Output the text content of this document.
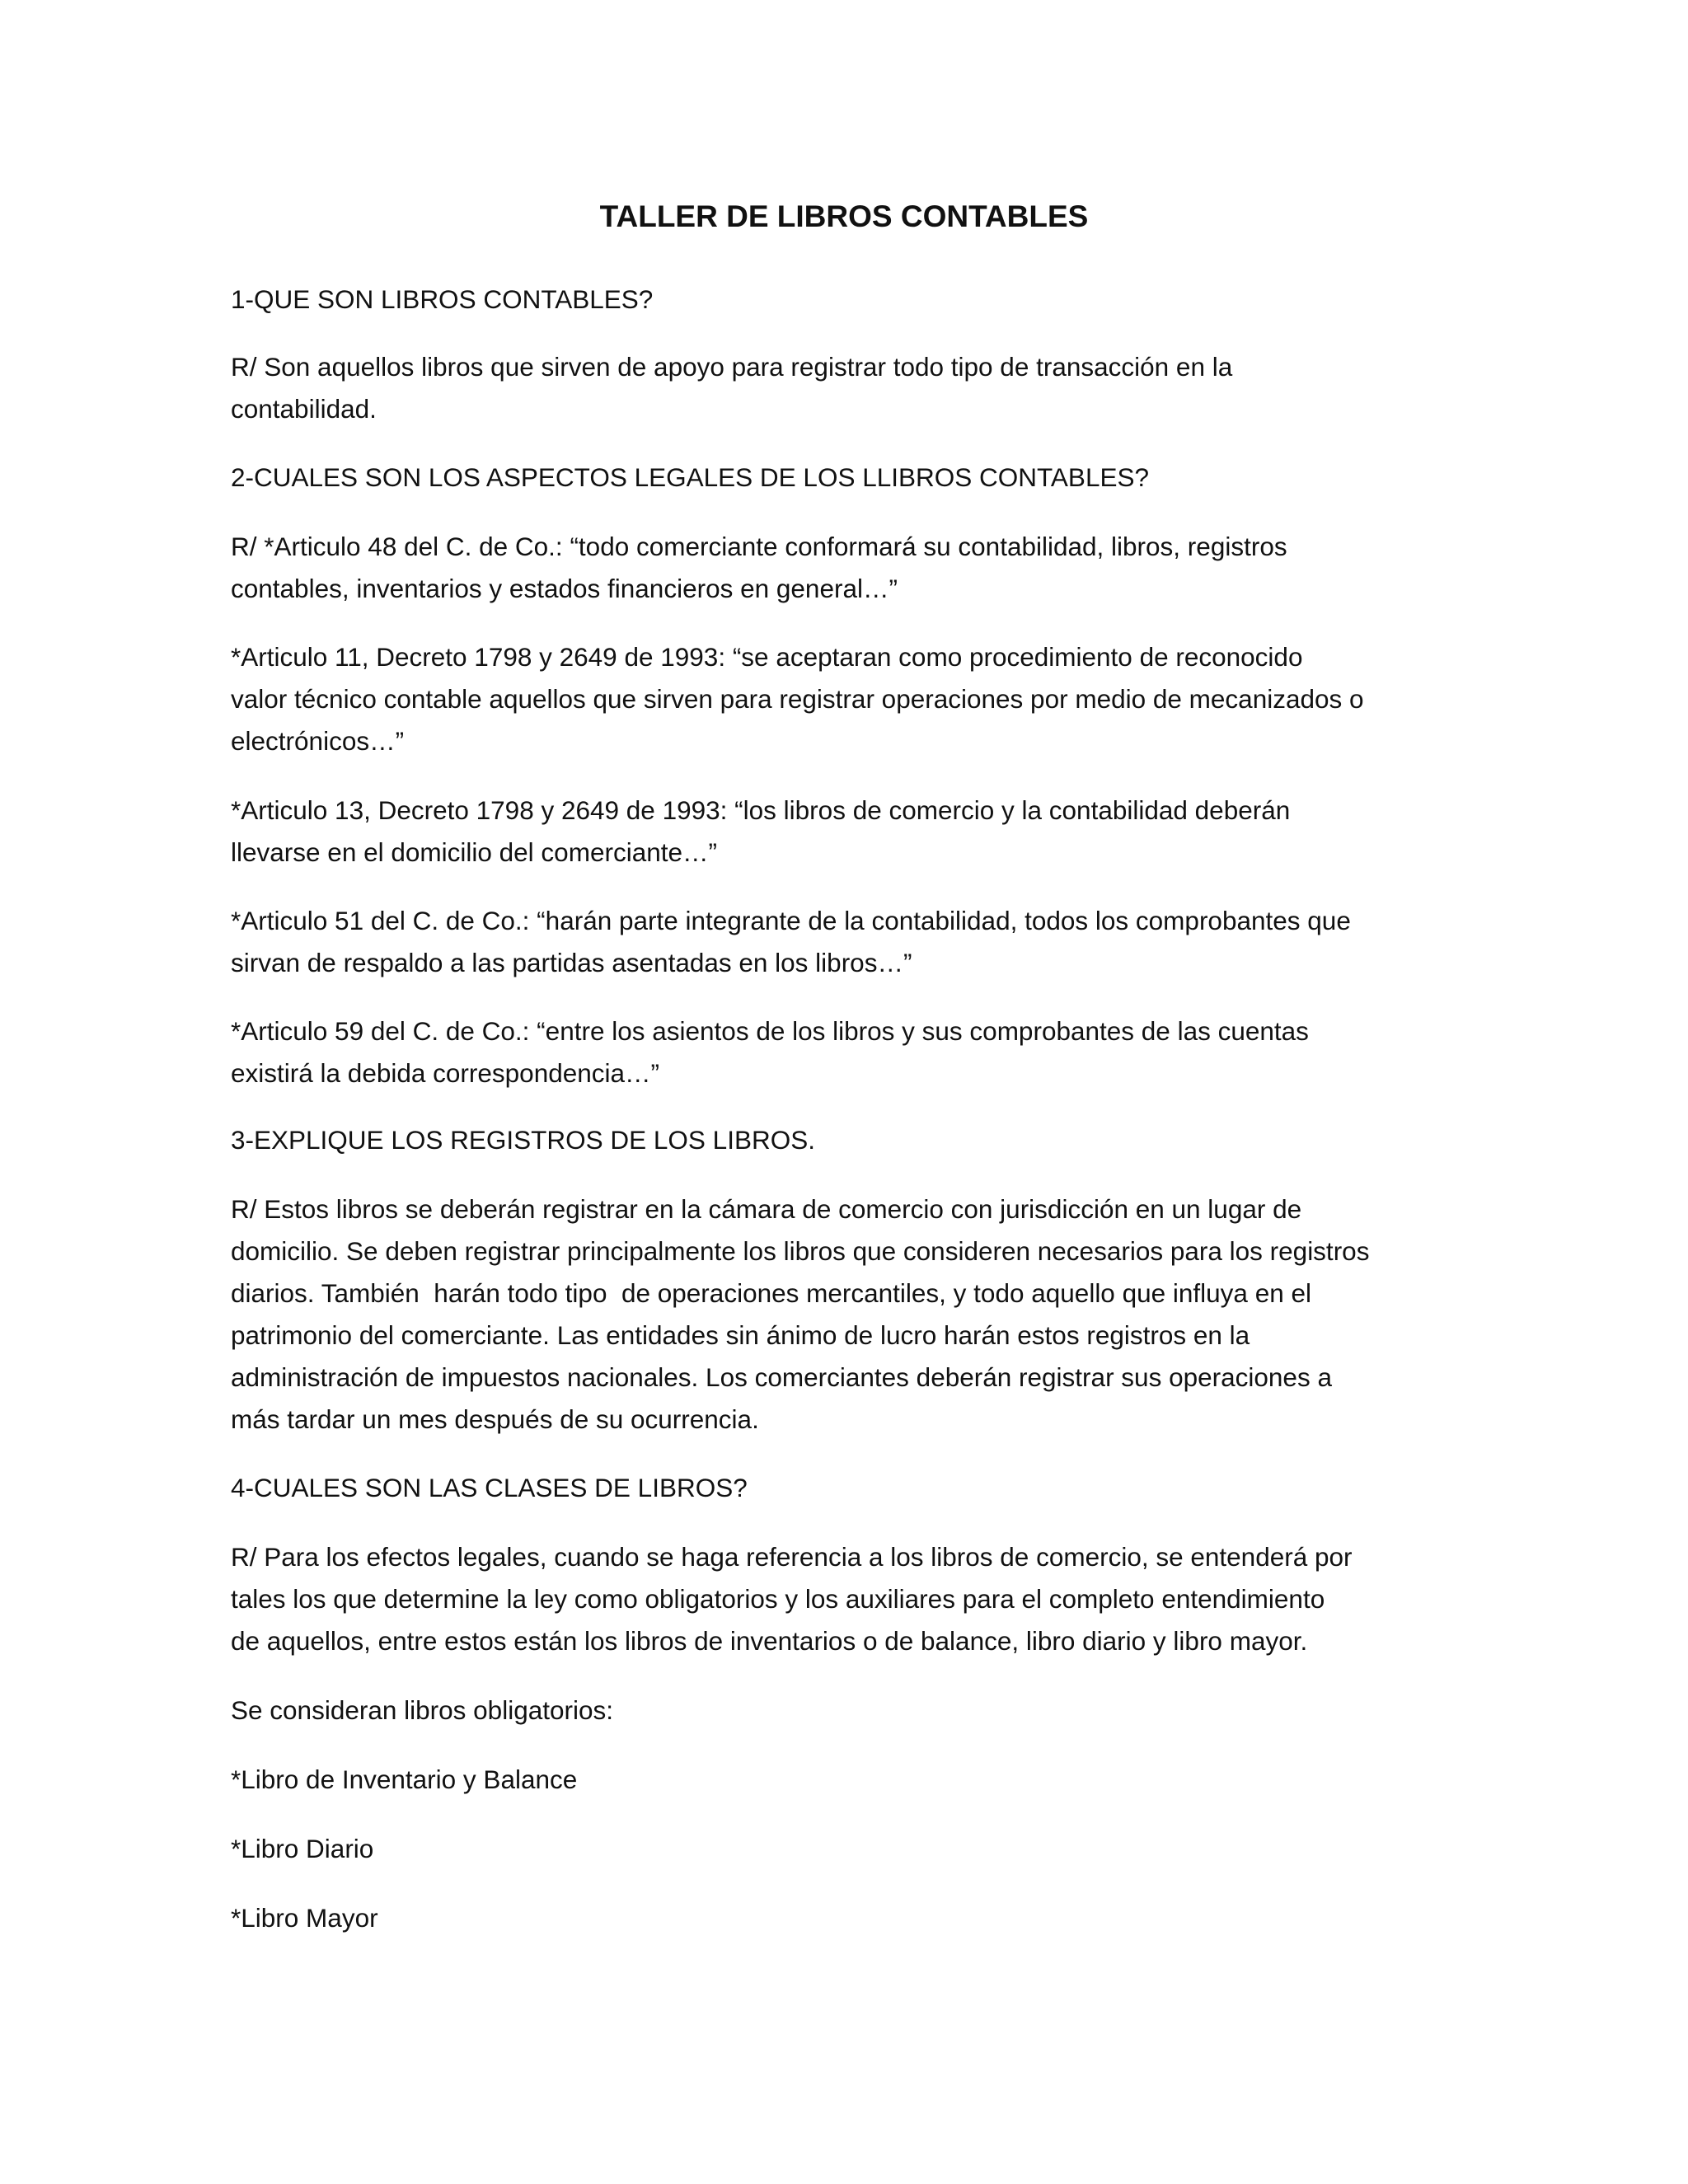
TALLER DE LIBROS CONTABLES

1-QUE SON LIBROS CONTABLES?

R/ Son aquellos libros que sirven de apoyo para registrar todo tipo de transacción en la
contabilidad.

2-CUALES SON LOS ASPECTOS LEGALES DE LOS LLIBROS CONTABLES?

R/ *Articulo 48 del C. de Co.: “todo comerciante conformará su contabilidad, libros, registros
contables, inventarios y estados financieros en general…”

*Articulo 11, Decreto 1798 y 2649 de 1993: “se aceptaran como procedimiento de reconocido
valor técnico contable aquellos que sirven para registrar operaciones por medio de mecanizados o
electrónicos…”

*Articulo 13, Decreto 1798 y 2649 de 1993: “los libros de comercio y la contabilidad deberán
llevarse en el domicilio del comerciante…”

*Articulo 51 del C. de Co.: “harán parte integrante de la contabilidad, todos los comprobantes que
sirvan de respaldo a las partidas asentadas en los libros…”

*Articulo 59 del C. de Co.: “entre los asientos de los libros y sus comprobantes de las cuentas
existirá la debida correspondencia…”

3-EXPLIQUE LOS REGISTROS DE LOS LIBROS.

R/ Estos libros se deberán registrar en la cámara de comercio con jurisdicción en un lugar de
domicilio. Se deben registrar principalmente los libros que consideren necesarios para los registros
diarios. También  harán todo tipo  de operaciones mercantiles, y todo aquello que influya en el
patrimonio del comerciante. Las entidades sin ánimo de lucro harán estos registros en la
administración de impuestos nacionales. Los comerciantes deberán registrar sus operaciones a
más tardar un mes después de su ocurrencia.

4-CUALES SON LAS CLASES DE LIBROS?

R/ Para los efectos legales, cuando se haga referencia a los libros de comercio, se entenderá por
tales los que determine la ley como obligatorios y los auxiliares para el completo entendimiento
de aquellos, entre estos están los libros de inventarios o de balance, libro diario y libro mayor.

Se consideran libros obligatorios:

*Libro de Inventario y Balance

*Libro Diario

*Libro Mayor
